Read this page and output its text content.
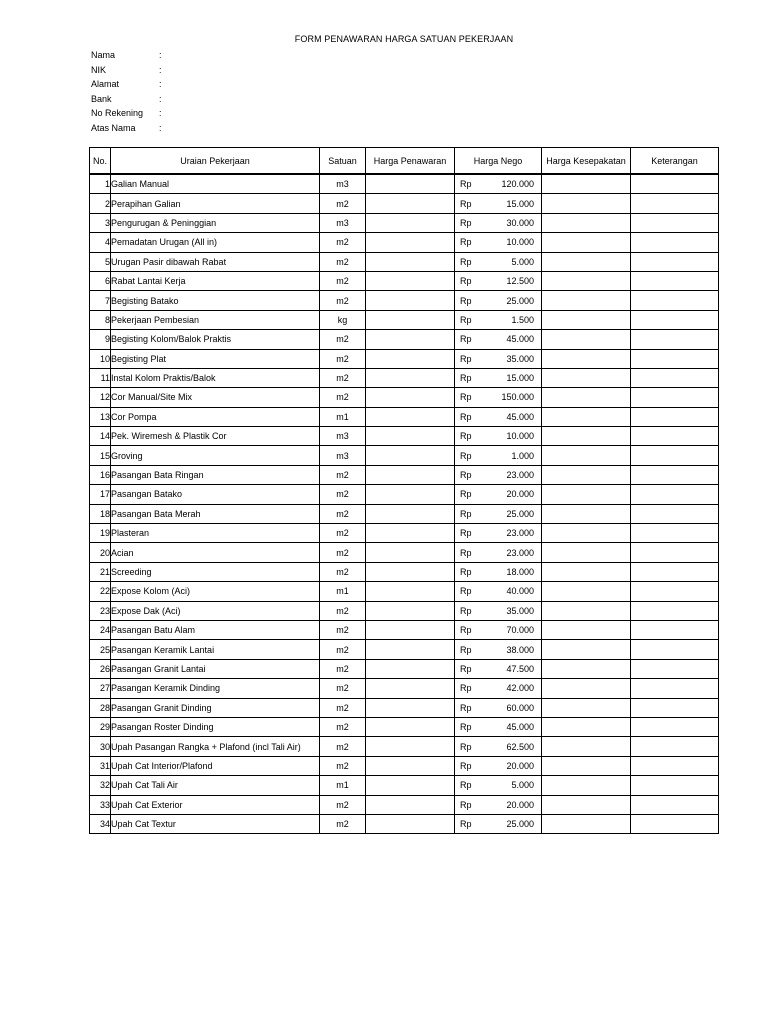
FORM PENAWARAN HARGA SATUAN PEKERJAAN
Nama	:
NIK	:
Alamat	:
Bank	:
No Rekening	:
Atas Nama	:
No.	Uraian Pekerjaan	Satuan	Harga Penawaran	Harga Nego	Harga Kesepakatan	Keterangan
1	Galian Manual	m3		Rp 120.000		

2	Perapihan Galian	m2		Rp 15.000		

3	Pengurugan & Peninggian	m3		Rp 30.000		

4	Pemadatan Urugan (All in)	m2		Rp 10.000		

5	Urugan Pasir dibawah Rabat	m2		Rp 5.000		

6	Rabat Lantai Kerja	m2		Rp 12.500		

7	Begisting Batako	m2		Rp 25.000		

8	Pekerjaan Pembesian	kg		Rp 1.500		

9	Begisting Kolom/Balok Praktis	m2		Rp 45.000		

10	Begisting Plat	m2		Rp 35.000		

11	Instal Kolom Praktis/Balok	m2		Rp 15.000		

12	Cor Manual/Site Mix	m2		Rp 150.000		

13	Cor Pompa	m1		Rp 45.000		

14	Pek. Wiremesh & Plastik Cor	m3		Rp 10.000		

15	Groving	m3		Rp 1.000		

16	Pasangan Bata Ringan	m2		Rp 23.000		

17	Pasangan Batako	m2		Rp 20.000		

18	Pasangan Bata Merah	m2		Rp 25.000		

19	Plasteran	m2		Rp 23.000		

20	Acian	m2		Rp 23.000		

21	Screeding	m2		Rp 18.000		

22	Expose Kolom (Aci)	m1		Rp 40.000		

23	Expose Dak (Aci)	m2		Rp 35.000		

24	Pasangan Batu Alam	m2		Rp 70.000		

25	Pasangan Keramik Lantai	m2		Rp 38.000		

26	Pasangan Granit Lantai	m2		Rp 47.500		

27	Pasangan Keramik Dinding	m2		Rp 42.000		

28	Pasangan Granit Dinding	m2		Rp 60.000		

29	Pasangan Roster Dinding	m2		Rp 45.000		

30	Upah Pasangan Rangka + Plafond (incl Tali Air)	m2		Rp 62.500		

31	Upah Cat Interior/Plafond	m2		Rp 20.000		

32	Upah Cat Tali Air	m1		Rp 5.000		

33	Upah Cat Exterior	m2		Rp 20.000		

34	Upah Cat Textur	m2		Rp 25.000		
